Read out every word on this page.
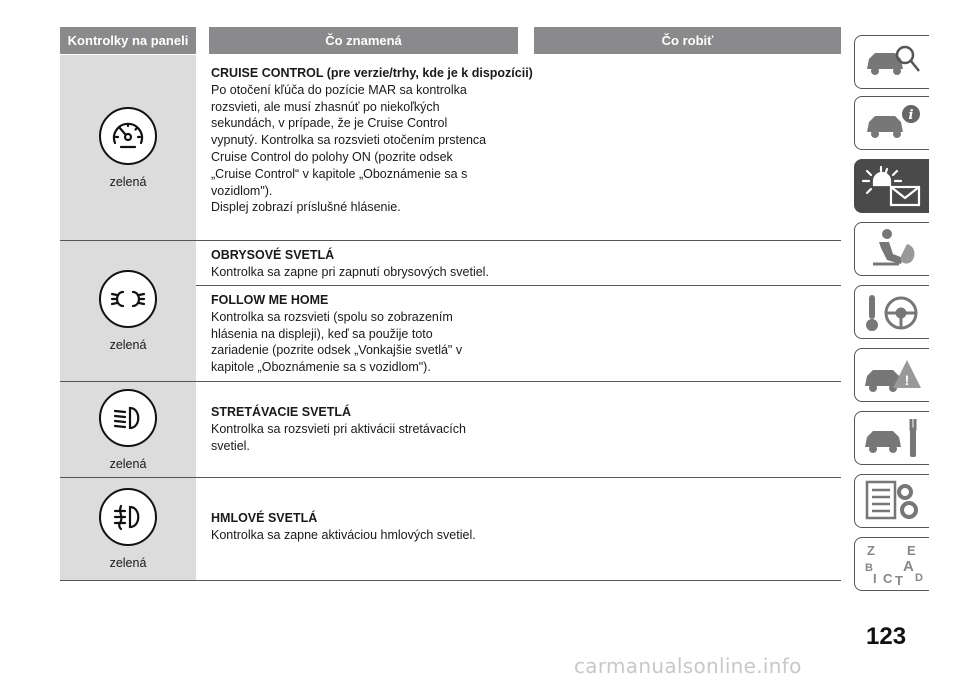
Kontrolky na paneli	Čo znamená	Čo robiť
zelená
CRUISE CONTROL (pre verzie/trhy, kde je k dispozícii)
Po otočení kľúča do pozície MAR sa kontrolka
rozsvieti, ale musí zhasnúť po niekoľkých
sekundách, v prípade, že je Cruise Control
vypnutý. Kontrolka sa rozsvieti otočením prstenca
Cruise Control do polohy ON (pozrite odsek
„Cruise Control“ v kapitole „Oboznámenie sa s
vozidlom").
Displej zobrazí príslušné hlásenie.
zelená
OBRYSOVÉ SVETLÁ
Kontrolka sa zapne pri zapnutí obrysových svetiel.
FOLLOW ME HOME
Kontrolka sa rozsvieti (spolu so zobrazením
hlásenia na displeji), keď sa použije toto
zariadenie (pozrite odsek „Vonkajšie svetlá" v
kapitole „Oboznámenie sa s vozidlom").
zelená
STRETÁVACIE SVETLÁ
Kontrolka sa rozsvieti pri aktivácii stretávacích
svetiel.
zelená
HMLOVÉ SVETLÁ
Kontrolka sa zapne aktiváciou hmlových svetiel.
i
!
Z E
B A
D
I C T
123
carmanualsonline.info
